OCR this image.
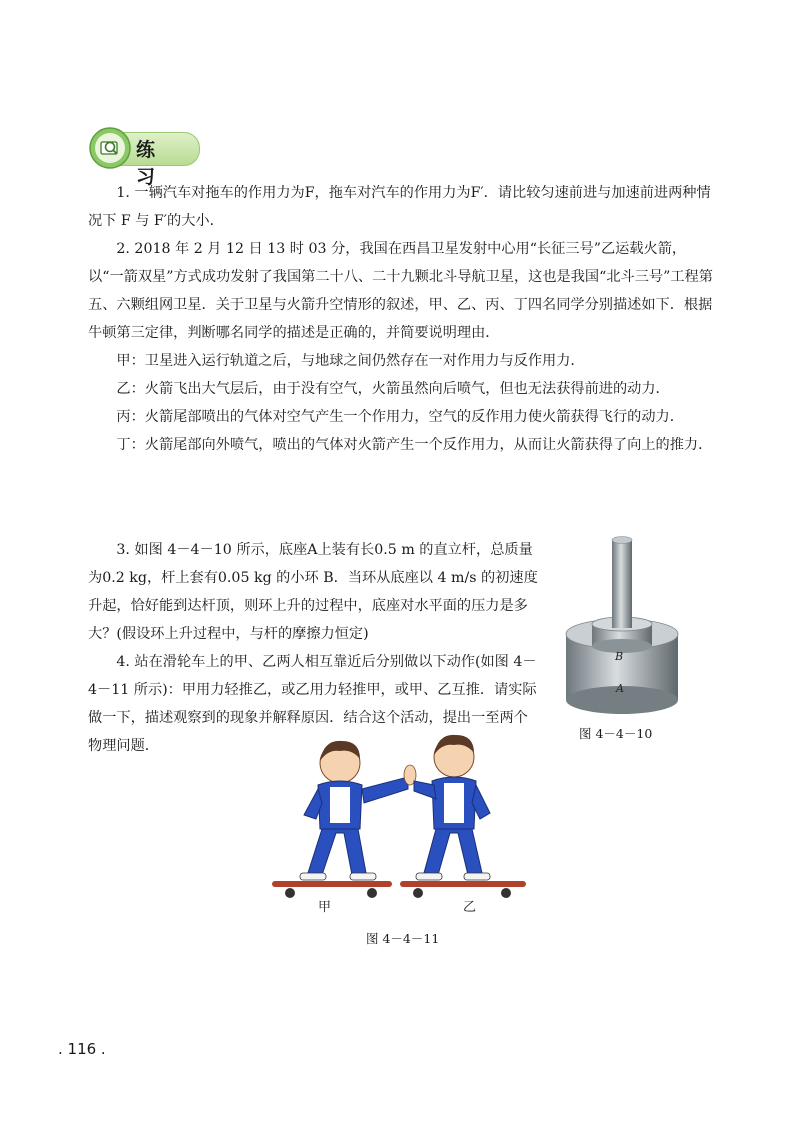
练 习

1. 一辆汽车对拖车的作用力为F，拖车对汽车的作用力为F′．请比较匀速前进与加速前进两种情况下 F 与 F′的大小．

2. 2018 年 2 月 12 日 13 时 03 分，我国在西昌卫星发射中心用“长征三号”乙运载火箭，以“一箭双星”方式成功发射了我国第二十八、二十九颗北斗导航卫星，这也是我国“北斗三号”工程第五、六颗组网卫星．关于卫星与火箭升空情形的叙述，甲、乙、丙、丁四名同学分别描述如下．根据牛顿第三定律，判断哪名同学的描述是正确的，并简要说明理由．

甲：卫星进入运行轨道之后，与地球之间仍然存在一对作用力与反作用力．

乙：火箭飞出大气层后，由于没有空气，火箭虽然向后喷气，但也无法获得前进的动力．

丙：火箭尾部喷出的气体对空气产生一个作用力，空气的反作用力使火箭获得飞行的动力．

丁：火箭尾部向外喷气，喷出的气体对火箭产生一个反作用力，从而让火箭获得了向上的推力．

3. 如图 4－4－10 所示，底座A上装有长0.5 m 的直立杆，总质量为0.2 kg，杆上套有0.05 kg 的小环 B．当环从底座以 4 m/s 的初速度升起，恰好能到达杆顶，则环上升的过程中，底座对水平面的压力是多大？(假设环上升过程中，与杆的摩擦力恒定)

4. 站在滑轮车上的甲、乙两人相互靠近后分别做以下动作(如图 4－4－11 所示)：甲用力轻推乙，或乙用力轻推甲，或甲、乙互推．请实际做一下，描述观察到的现象并解释原因．结合这个活动，提出一至两个物理问题．

B
A
图 4－4－10
甲	乙
图 4－4－11
. 116 .
